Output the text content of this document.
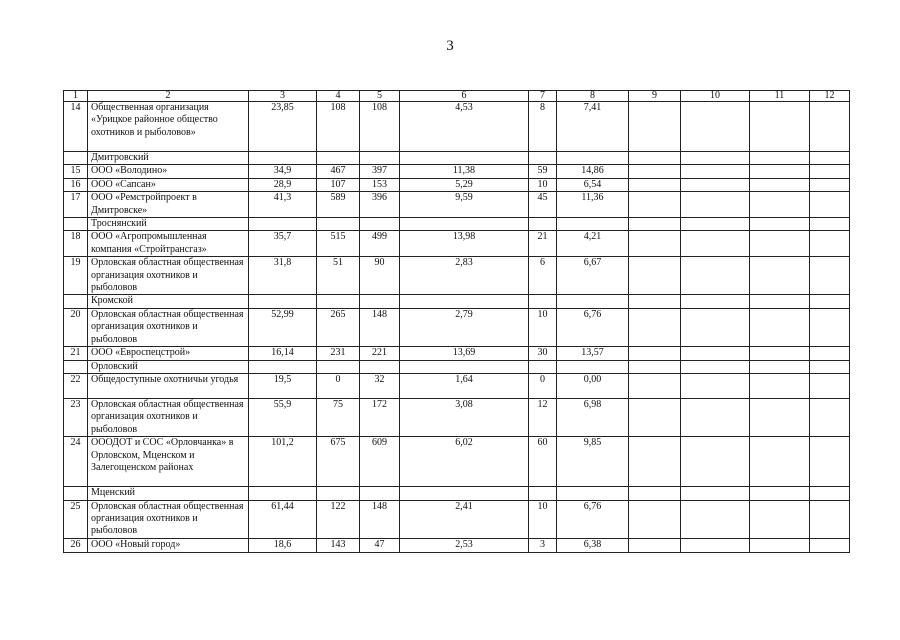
3
1	2	3	4	5	6	7	8	9	10	11	12
14	Общественная организация «Урицкое районное общество охотников и рыболовов»	23,85	108	108	4,53	8	7,41				
	Дмитровский										
15	ООО «Володино»	34,9	467	397	11,38	59	14,86				
16	ООО «Сапсан»	28,9	107	153	5,29	10	6,54				
17	ООО «Ремстройпроект в Дмитровске»	41,3	589	396	9,59	45	11,36				
	Троснянский										
18	ООО «Агропромышленная компания «Стройтрансгаз»	35,7	515	499	13,98	21	4,21				
19	Орловская областная общественная организация охотников и рыболовов	31,8	51	90	2,83	6	6,67				
	Кромской										
20	Орловская областная общественная организация охотников и рыболовов	52,99	265	148	2,79	10	6,76				
21	ООО «Евроспецстрой»	16,14	231	221	13,69	30	13,57				
	Орловский										
22	Общедоступные охотничьи угодья	19,5	0	32	1,64	0	0,00				
23	Орловская областная общественная организация охотников и рыболовов	55,9	75	172	3,08	12	6,98				
24	ОООДОТ и СОС «Орловчанка» в Орловском, Мценском и Залегощенском районах	101,2	675	609	6,02	60	9,85				
	Мценский										
25	Орловская областная общественная организация охотников и рыболовов	61,44	122	148	2,41	10	6,76				
26	ООО «Новый город»	18,6	143	47	2,53	3	6,38				
